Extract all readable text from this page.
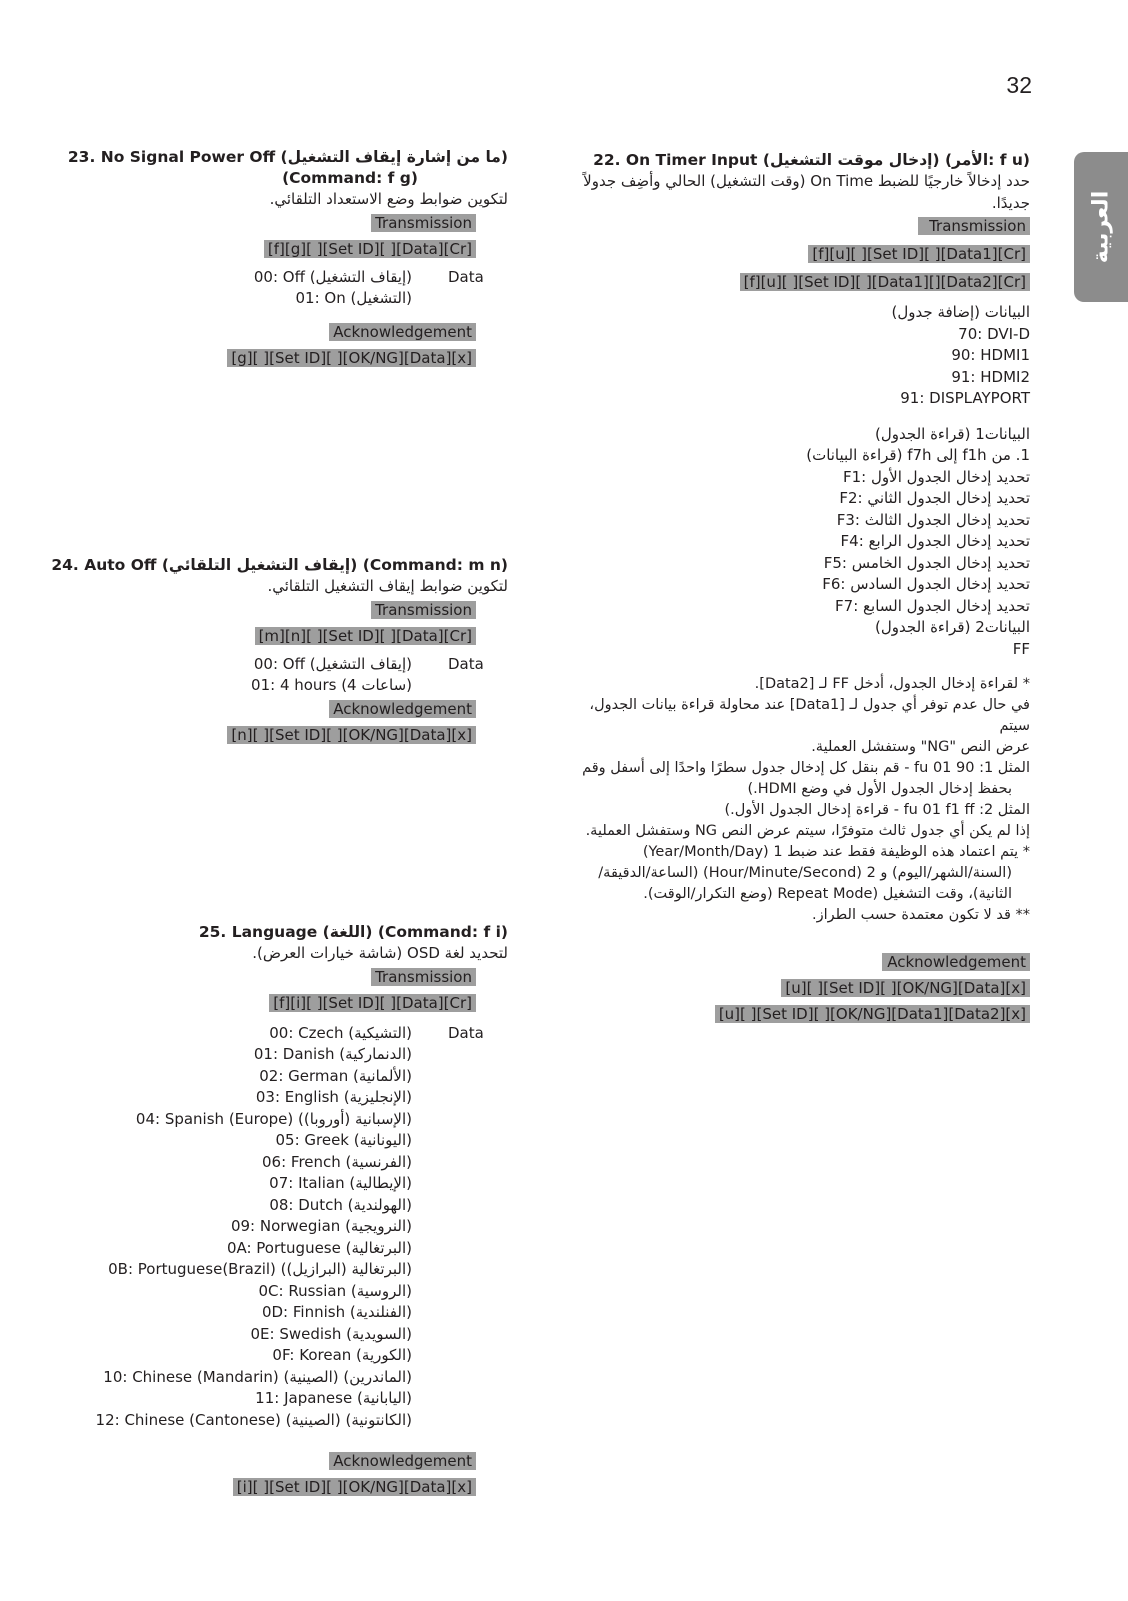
32
العربية
22. On Timer Input (إدخال موقت التشغيل) (الأمر: f u)
حدد إدخالاً خارجيًا للضبط On Time (وقت التشغيل) الحالي وأضِف جدولاً جديدًا.
Transmission
[f][u][ ][Set ID][ ][Data1][Cr]
[f][u][ ][Set ID][ ][Data1][][Data2][Cr]
البيانات (إضافة جدول)
70: DVI-D
90: HDMI1
91: HDMI2
91: DISPLAYPORT
البيانات1 (قراءة الجدول)
1. من f1h إلى f7h (قراءة البيانات)
F1: تحديد إدخال الجدول الأول
F2: تحديد إدخال الجدول الثاني
F3: تحديد إدخال الجدول الثالث
F4: تحديد إدخال الجدول الرابع
F5: تحديد إدخال الجدول الخامس
F6: تحديد إدخال الجدول السادس
F7: تحديد إدخال الجدول السابع
البيانات2 (قراءة الجدول)
FF
* لقراءة إدخال الجدول، أدخل FF لـ [Data2].
في حال عدم توفر أي جدول لـ [Data1] عند محاولة قراءة بيانات الجدول، سيتم
عرض النص "NG" وستفشل العملية.
المثل 1: fu 01 90 - قم بنقل كل إدخال جدول سطرًا واحدًا إلى أسفل وقم
بحفظ إدخال الجدول الأول في وضع HDMI.)
المثل 2: fu 01 f1 ff - قراءة إدخال الجدول الأول.)
إذا لم يكن أي جدول ثالث متوفرًا، سيتم عرض النص NG وستفشل العملية.
* يتم اعتماد هذه الوظيفة فقط عند ضبط 1 (Year/Month/Day)
(السنة/الشهر/اليوم) و 2 (Hour/Minute/Second) (الساعة/الدقيقة/
الثانية)، وقت التشغيل (Repeat Mode (وضع التكرار/الوقت).
** قد لا تكون معتمدة حسب الطراز.
Acknowledgement
[u][ ][Set ID][ ][OK/NG][Data][x]
[u][ ][Set ID][ ][OK/NG][Data1][Data2][x]
23. No Signal Power Off (ما من إشارة إيقاف التشغيل)
(Command: f g)
لتكوين ضوابط وضع الاستعداد التلقائي.
Transmission
[f][g][ ][Set ID][ ][Data][Cr]
00: Off (إيقاف التشغيل)
01: On (التشغيل)
Data
Acknowledgement
[g][ ][Set ID][ ][OK/NG][Data][x]
24. Auto Off (إيقاف التشغيل التلقائي) (Command: m n)
لتكوين ضوابط إيقاف التشغيل التلقائي.
Transmission
[m][n][ ][Set ID][ ][Data][Cr]
00: Off (إيقاف التشغيل)
01: 4 hours (4 ساعات)
Data
Acknowledgement
[n][ ][Set ID][ ][OK/NG][Data][x]
25. Language (اللغة) (Command: f i)
لتحديد لغة OSD (شاشة خيارات العرض).
Transmission
[f][i][ ][Set ID][ ][Data][Cr]
00: Czech (التشيكية)
01: Danish (الدنماركية)
02: German (الألمانية)
03: English (الإنجليزية)
04: Spanish (Europe) (الإسبانية (أوروبا))
05: Greek (اليونانية)
06: French (الفرنسية)
07: Italian (الإيطالية)
08: Dutch (الهولندية)
09: Norwegian (النرويجية)
0A: Portuguese (البرتغالية)
0B: Portuguese(Brazil) (البرتغالية (البرازيل))
0C: Russian (الروسية)
0D: Finnish (الفنلندية)
0E: Swedish (السويدية)
0F: Korean (الكورية)
10: Chinese (Mandarin) (الصينية) (الماندرين)
11: Japanese (اليابانية)
12: Chinese (Cantonese) (الصينية) (الكانتونية)
Data
Acknowledgement
[i][ ][Set ID][ ][OK/NG][Data][x]
